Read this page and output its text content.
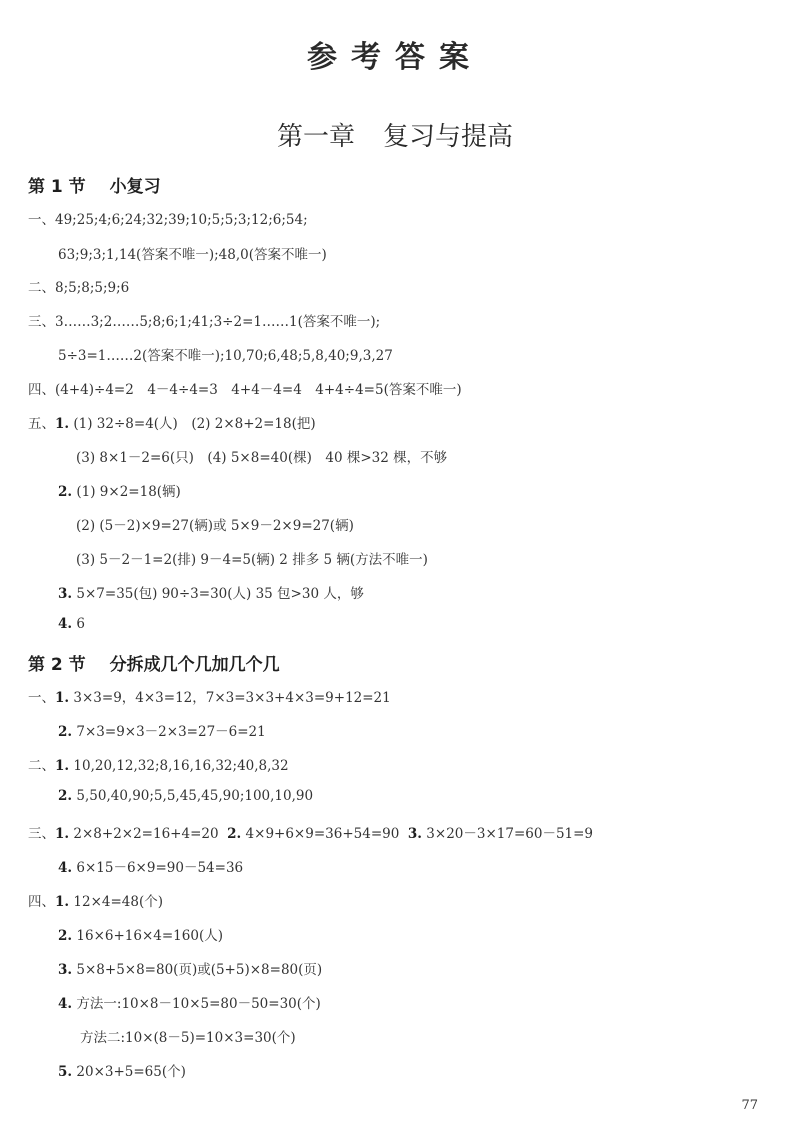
参考答案
第一章 复习与提高
第 1 节 小复习
一、49;25;4;6;24;32;39;10;5;5;3;12;6;54;
63;9;3;1,14(答案不唯一);48,0(答案不唯一)
二、8;5;8;5;9;6
三、3……3;2……5;8;6;1;41;3÷2=1……1(答案不唯一);
5÷3=1……2(答案不唯一);10,70;6,48;5,8,40;9,3,27
四、(4+4)÷4=2　4－4÷4=3　4+4－4=4　4+4÷4=5(答案不唯一)
五、1. (1) 32÷8=4(人)　(2) 2×8+2=18(把)
(3) 8×1－2=6(只)　(4) 5×8=40(棵)　40 棵>32 棵，不够
2. (1) 9×2=18(辆)
(2) (5－2)×9=27(辆)或 5×9－2×9=27(辆)
(3) 5－2－1=2(排) 9－4=5(辆) 2 排多 5 辆(方法不唯一)
3. 5×7=35(包) 90÷3=30(人) 35 包>30 人，够
4. 6
第 2 节 分拆成几个几加几个几
一、1. 3×3=9，4×3=12，7×3=3×3+4×3=9+12=21
2. 7×3=9×3－2×3=27－6=21
二、1. 10,20,12,32;8,16,16,32;40,8,32
2. 5,50,40,90;5,5,45,45,90;100,10,90
三、1. 2×8+2×2=16+4=20 2. 4×9+6×9=36+54=90 3. 3×20－3×17=60－51=9
4. 6×15－6×9=90－54=36
四、1. 12×4=48(个)
2. 16×6+16×4=160(人)
3. 5×8+5×8=80(页)或(5+5)×8=80(页)
4. 方法一:10×8－10×5=80－50=30(个)
方法二:10×(8－5)=10×3=30(个)
5. 20×3+5=65(个)
77
